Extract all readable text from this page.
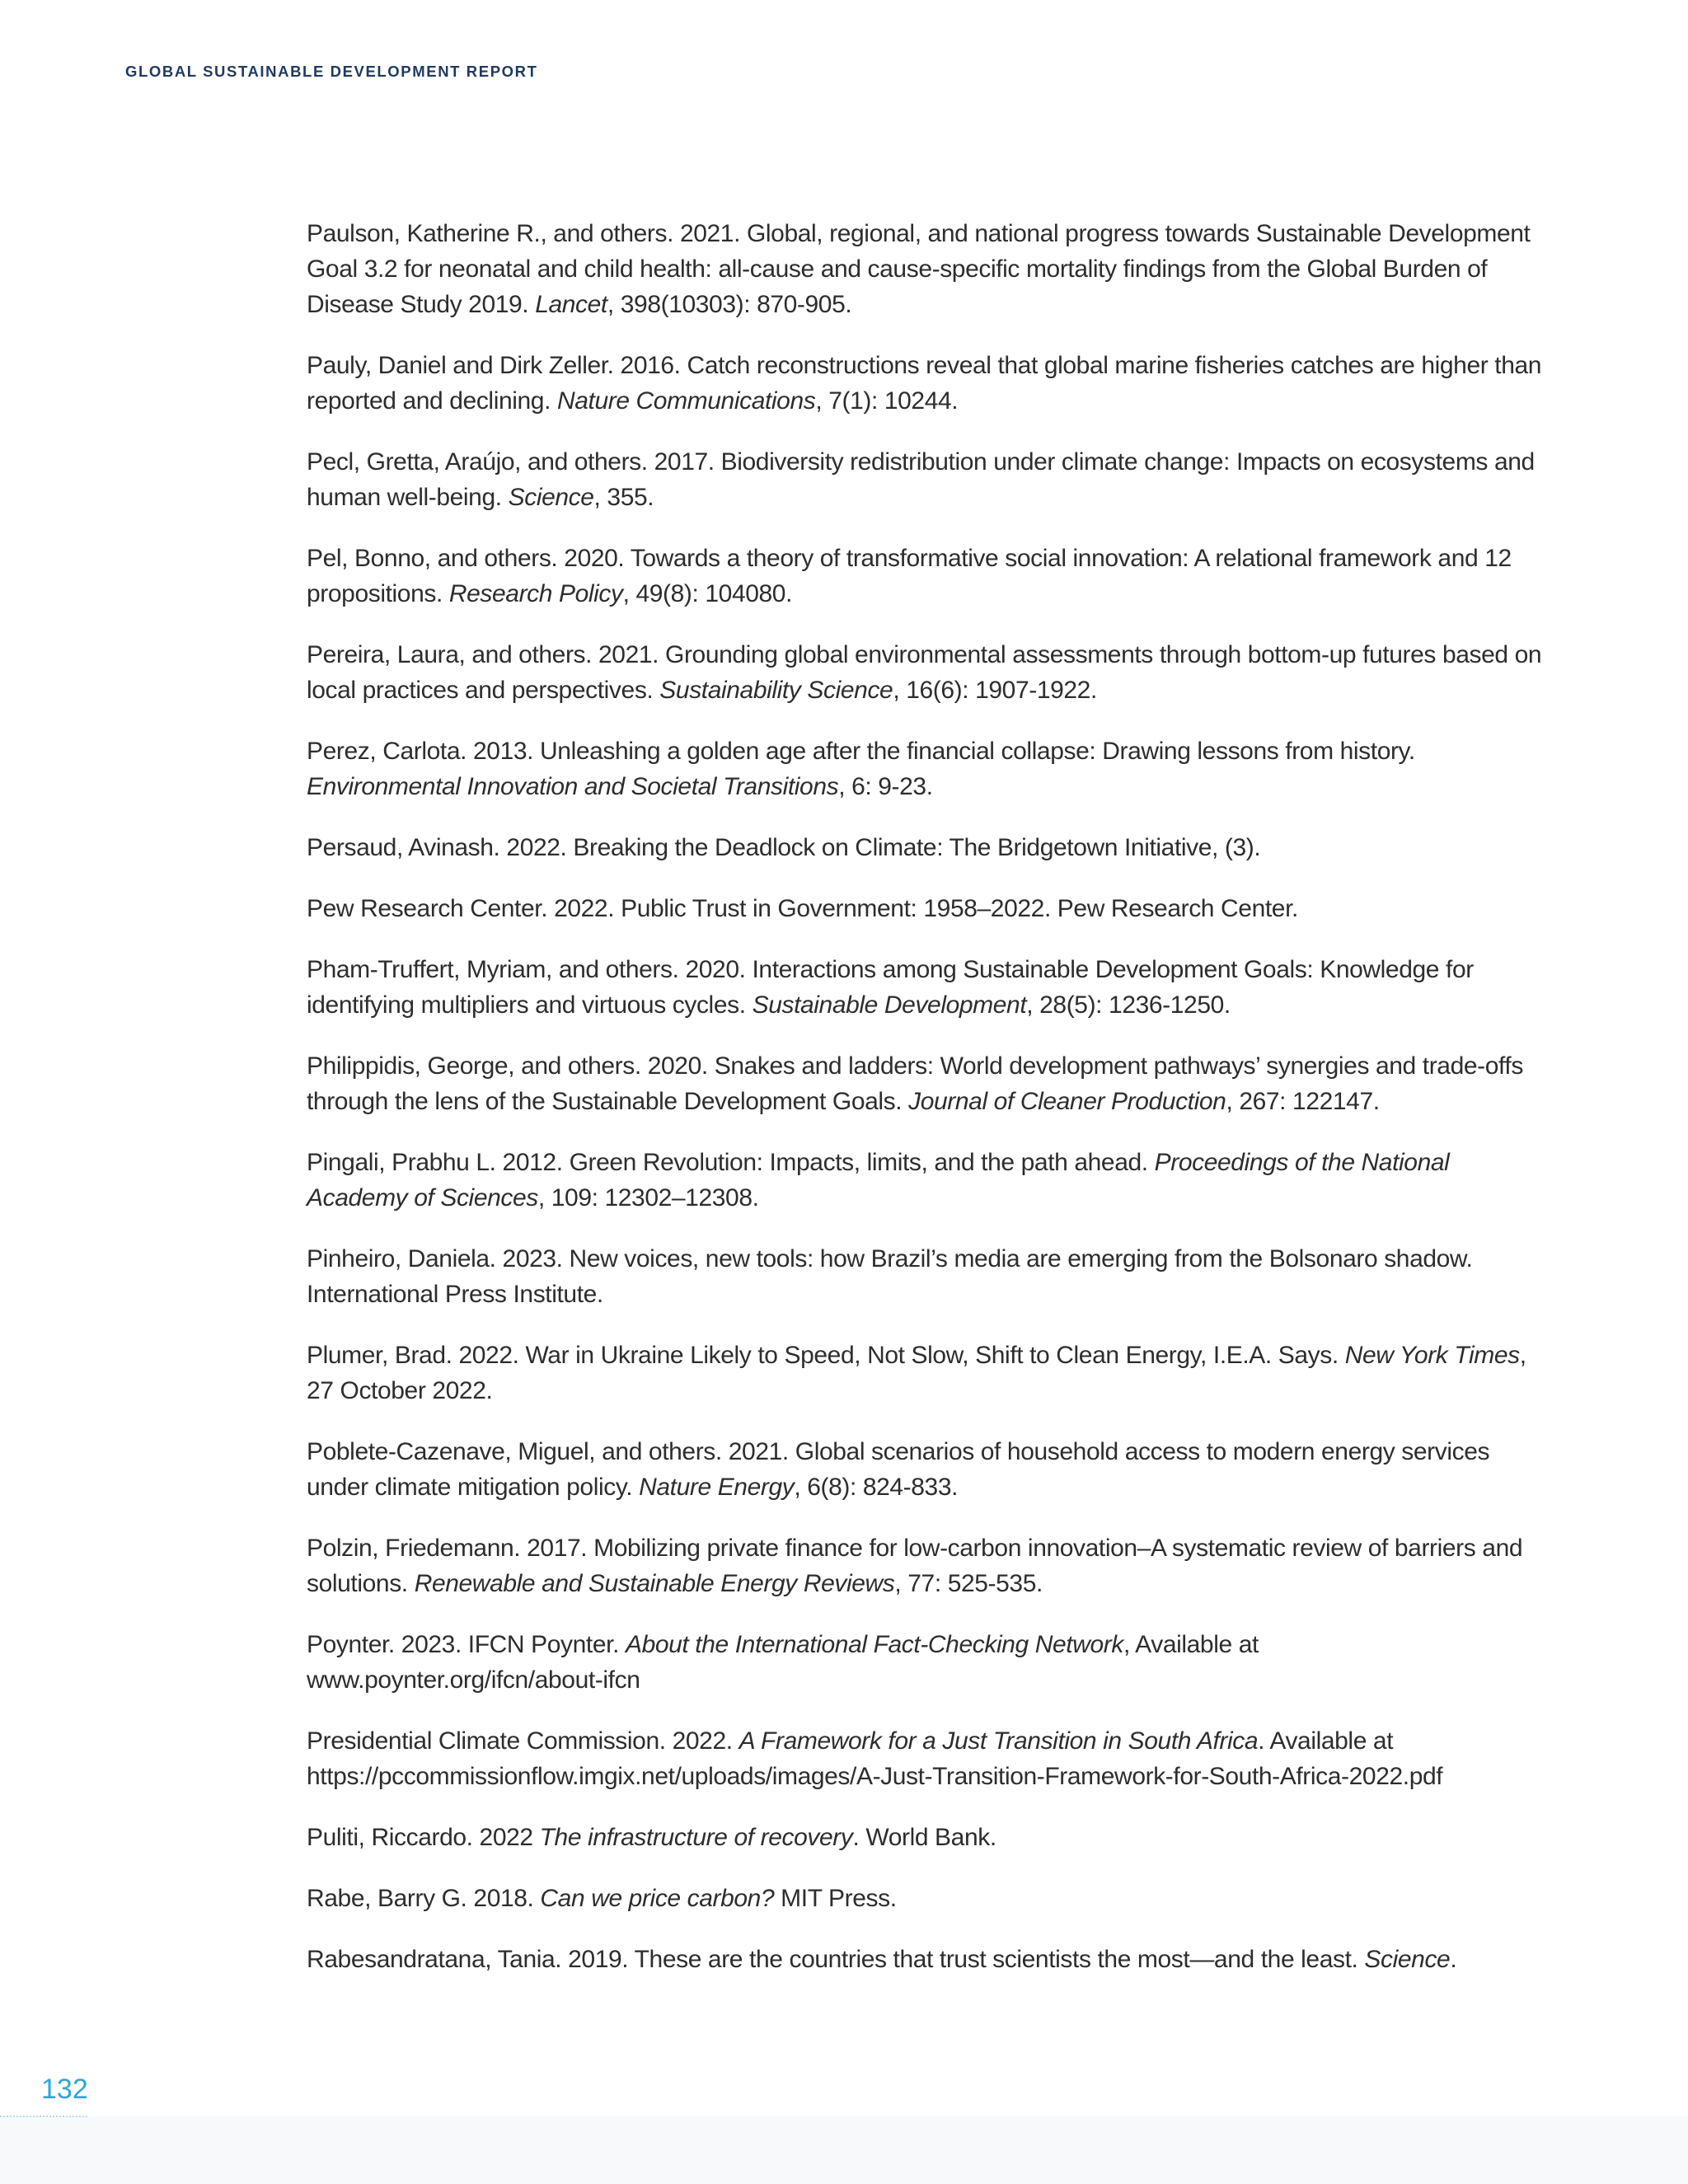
GLOBAL SUSTAINABLE DEVELOPMENT REPORT

Paulson, Katherine R., and others. 2021. Global, regional, and national progress towards Sustainable Development Goal 3.2 for neonatal and child health: all-cause and cause-specific mortality findings from the Global Burden of Disease Study 2019. Lancet, 398(10303): 870-905.

Pauly, Daniel and Dirk Zeller. 2016. Catch reconstructions reveal that global marine fisheries catches are higher than reported and declining. Nature Communications, 7(1): 10244.

Pecl, Gretta, Araújo, and others. 2017. Biodiversity redistribution under climate change: Impacts on ecosystems and human well-being. Science, 355.

Pel, Bonno, and others. 2020. Towards a theory of transformative social innovation: A relational framework and 12 propositions. Research Policy, 49(8): 104080.

Pereira, Laura, and others. 2021. Grounding global environmental assessments through bottom-up futures based on local practices and perspectives. Sustainability Science, 16(6): 1907-1922.

Perez, Carlota. 2013. Unleashing a golden age after the financial collapse: Drawing lessons from history. Environmental Innovation and Societal Transitions, 6: 9-23.

Persaud, Avinash. 2022. Breaking the Deadlock on Climate: The Bridgetown Initiative, (3).

Pew Research Center. 2022. Public Trust in Government: 1958–2022. Pew Research Center.

Pham-Truffert, Myriam, and others. 2020. Interactions among Sustainable Development Goals: Knowledge for identifying multipliers and virtuous cycles. Sustainable Development, 28(5): 1236-1250.

Philippidis, George, and others. 2020. Snakes and ladders: World development pathways’ synergies and trade-offs through the lens of the Sustainable Development Goals. Journal of Cleaner Production, 267: 122147.

Pingali, Prabhu L. 2012. Green Revolution: Impacts, limits, and the path ahead. Proceedings of the National Academy of Sciences, 109: 12302–12308.

Pinheiro, Daniela. 2023. New voices, new tools: how Brazil’s media are emerging from the Bolsonaro shadow. International Press Institute.

Plumer, Brad. 2022. War in Ukraine Likely to Speed, Not Slow, Shift to Clean Energy, I.E.A. Says. New York Times, 27 October 2022.

Poblete-Cazenave, Miguel, and others. 2021. Global scenarios of household access to modern energy services under climate mitigation policy. Nature Energy, 6(8): 824-833.

Polzin, Friedemann. 2017. Mobilizing private finance for low-carbon innovation–A systematic review of barriers and solutions. Renewable and Sustainable Energy Reviews, 77: 525-535.

Poynter. 2023. IFCN Poynter. About the International Fact-Checking Network, Available at www.poynter.org/ifcn/about-ifcn

Presidential Climate Commission. 2022. A Framework for a Just Transition in South Africa. Available at https://pccommissionflow.imgix.net/uploads/images/A-Just-Transition-Framework-for-South-Africa-2022.pdf

Puliti, Riccardo. 2022 The infrastructure of recovery. World Bank.

Rabe, Barry G. 2018. Can we price carbon? MIT Press.

Rabesandratana, Tania. 2019. These are the countries that trust scientists the most—and the least. Science.

132
